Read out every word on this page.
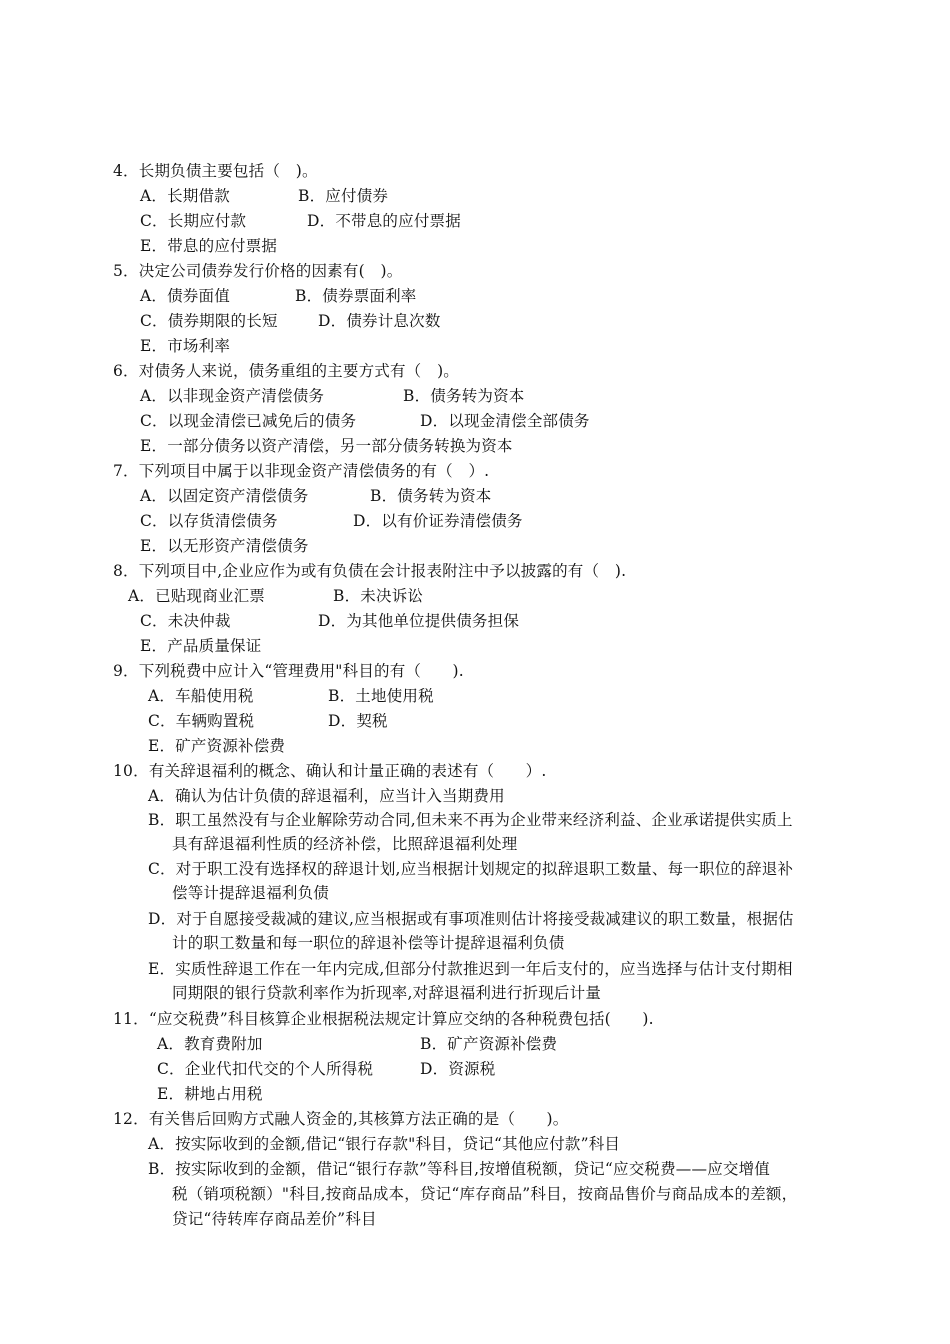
4．长期负债主要包括（　)。
A．长期借款	B．应付债券
C．长期应付款	D．不带息的应付票据
E．带息的应付票据
5．决定公司债券发行价格的因素有(　)。
A．债券面值	B．债券票面利率
C．债券期限的长短	D．债券计息次数
E．市场利率
6．对债务人来说，债务重组的主要方式有（　)。
A．以非现金资产清偿债务	B．债务转为资本
C．以现金清偿已减免后的债务	D．以现金清偿全部债务
E．一部分债务以资产清偿，另一部分债务转换为资本
7．下列项目中属于以非现金资产清偿债务的有（　）.
A．以固定资产清偿债务	B．债务转为资本
C．以存货清偿债务	D．以有价证券清偿债务
E．以无形资产清偿债务
8．下列项目中,企业应作为或有负债在会计报表附注中予以披露的有（　).
A．已贴现商业汇票	B．未决诉讼
C．未决仲裁	D．为其他单位提供债务担保
E．产品质量保证
9．下列税费中应计入“管理费用"科目的有（　　).
A．车船使用税	B．土地使用税
C．车辆购置税	D．契税
E．矿产资源补偿费
10．有关辞退福利的概念、确认和计量正确的表述有（　　）.
A．确认为估计负债的辞退福利，应当计入当期费用
B．职工虽然没有与企业解除劳动合同,但未来不再为企业带来经济利益、企业承诺提供实质上
具有辞退福利性质的经济补偿，比照辞退福利处理
C．对于职工没有选择权的辞退计划,应当根据计划规定的拟辞退职工数量、每一职位的辞退补
偿等计提辞退福利负债
D．对于自愿接受裁减的建议,应当根据或有事项准则估计将接受裁减建议的职工数量，根据估
计的职工数量和每一职位的辞退补偿等计提辞退福利负债
E．实质性辞退工作在一年内完成,但部分付款推迟到一年后支付的，应当选择与估计支付期相
同期限的银行贷款利率作为折现率,对辞退福利进行折现后计量
11．“应交税费”科目核算企业根据税法规定计算应交纳的各种税费包括(　　).
A．教育费附加	B．矿产资源补偿费
C．企业代扣代交的个人所得税	D．资源税
E．耕地占用税
12．有关售后回购方式融人资金的,其核算方法正确的是（　　)。
A．按实际收到的金额,借记“银行存款"科目，贷记“其他应付款”科目
B．按实际收到的金额，借记“银行存款”等科目,按增值税额，贷记“应交税费——应交增值
税（销项税额）"科目,按商品成本，贷记“库存商品”科目，按商品售价与商品成本的差额，
贷记“待转库存商品差价”科目
